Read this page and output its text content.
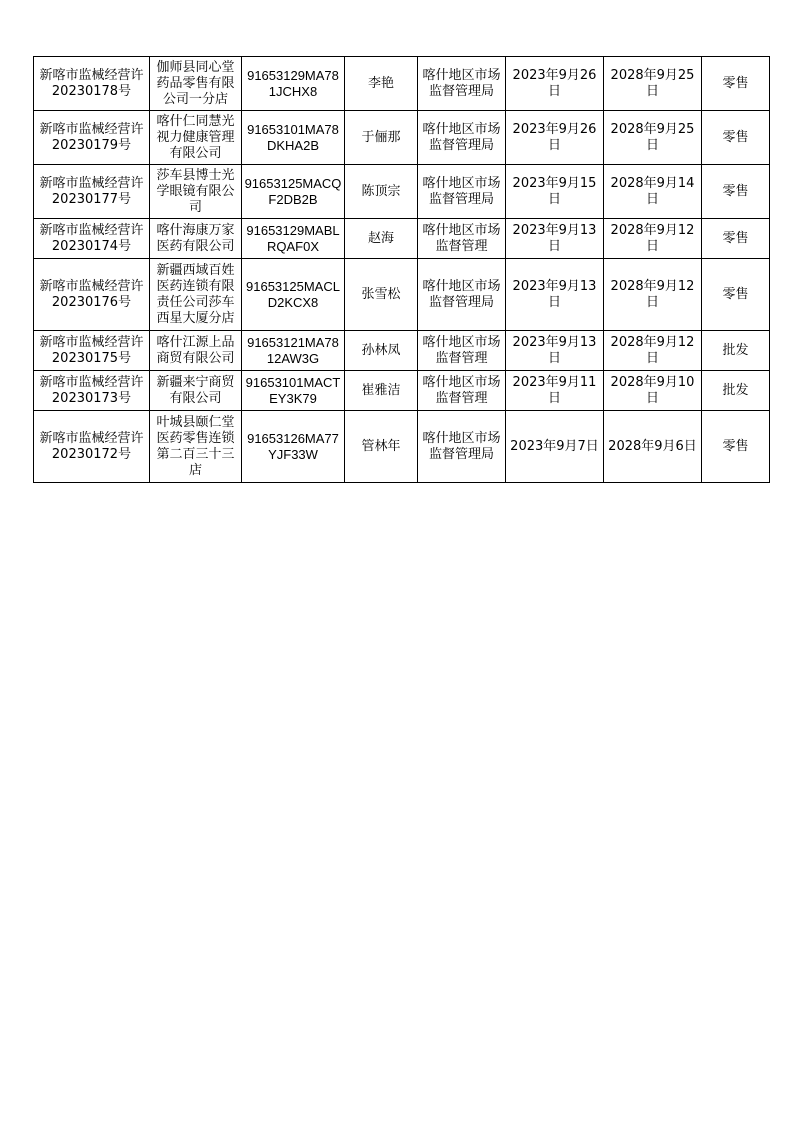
新喀市监械经营许20230178号	伽师县同心堂药品零售有限公司一分店	91653129MA781JCHX8	李艳	喀什地区市场监督管理局	2023年9月26日	2028年9月25日	零售
新喀市监械经营许20230179号	喀什仁同慧光视力健康管理有限公司	91653101MA78DKHA2B	于俪那	喀什地区市场监督管理局	2023年9月26日	2028年9月25日	零售
新喀市监械经营许20230177号	莎车县博士光学眼镜有限公司	91653125MACQF2DB2B	陈顶宗	喀什地区市场监督管理局	2023年9月15日	2028年9月14日	零售
新喀市监械经营许20230174号	喀什海康万家医药有限公司	91653129MABLRQAF0X	赵海	喀什地区市场监督管理	2023年9月13日	2028年9月12日	零售
新喀市监械经营许20230176号	新疆西域百姓医药连锁有限责任公司莎车西星大厦分店	91653125MACLD2KCX8	张雪松	喀什地区市场监督管理局	2023年9月13日	2028年9月12日	零售
新喀市监械经营许20230175号	喀什江源上品商贸有限公司	91653121MA7812AW3G	孙林凤	喀什地区市场监督管理	2023年9月13日	2028年9月12日	批发
新喀市监械经营许20230173号	新疆来宁商贸有限公司	91653101MACTEY3K79	崔雅洁	喀什地区市场监督管理	2023年9月11日	2028年9月10日	批发
新喀市监械经营许20230172号	叶城县颐仁堂医药零售连锁第二百三十三店	91653126MA77YJF33W	管林年	喀什地区市场监督管理局	2023年9月7日	2028年9月6日	零售
